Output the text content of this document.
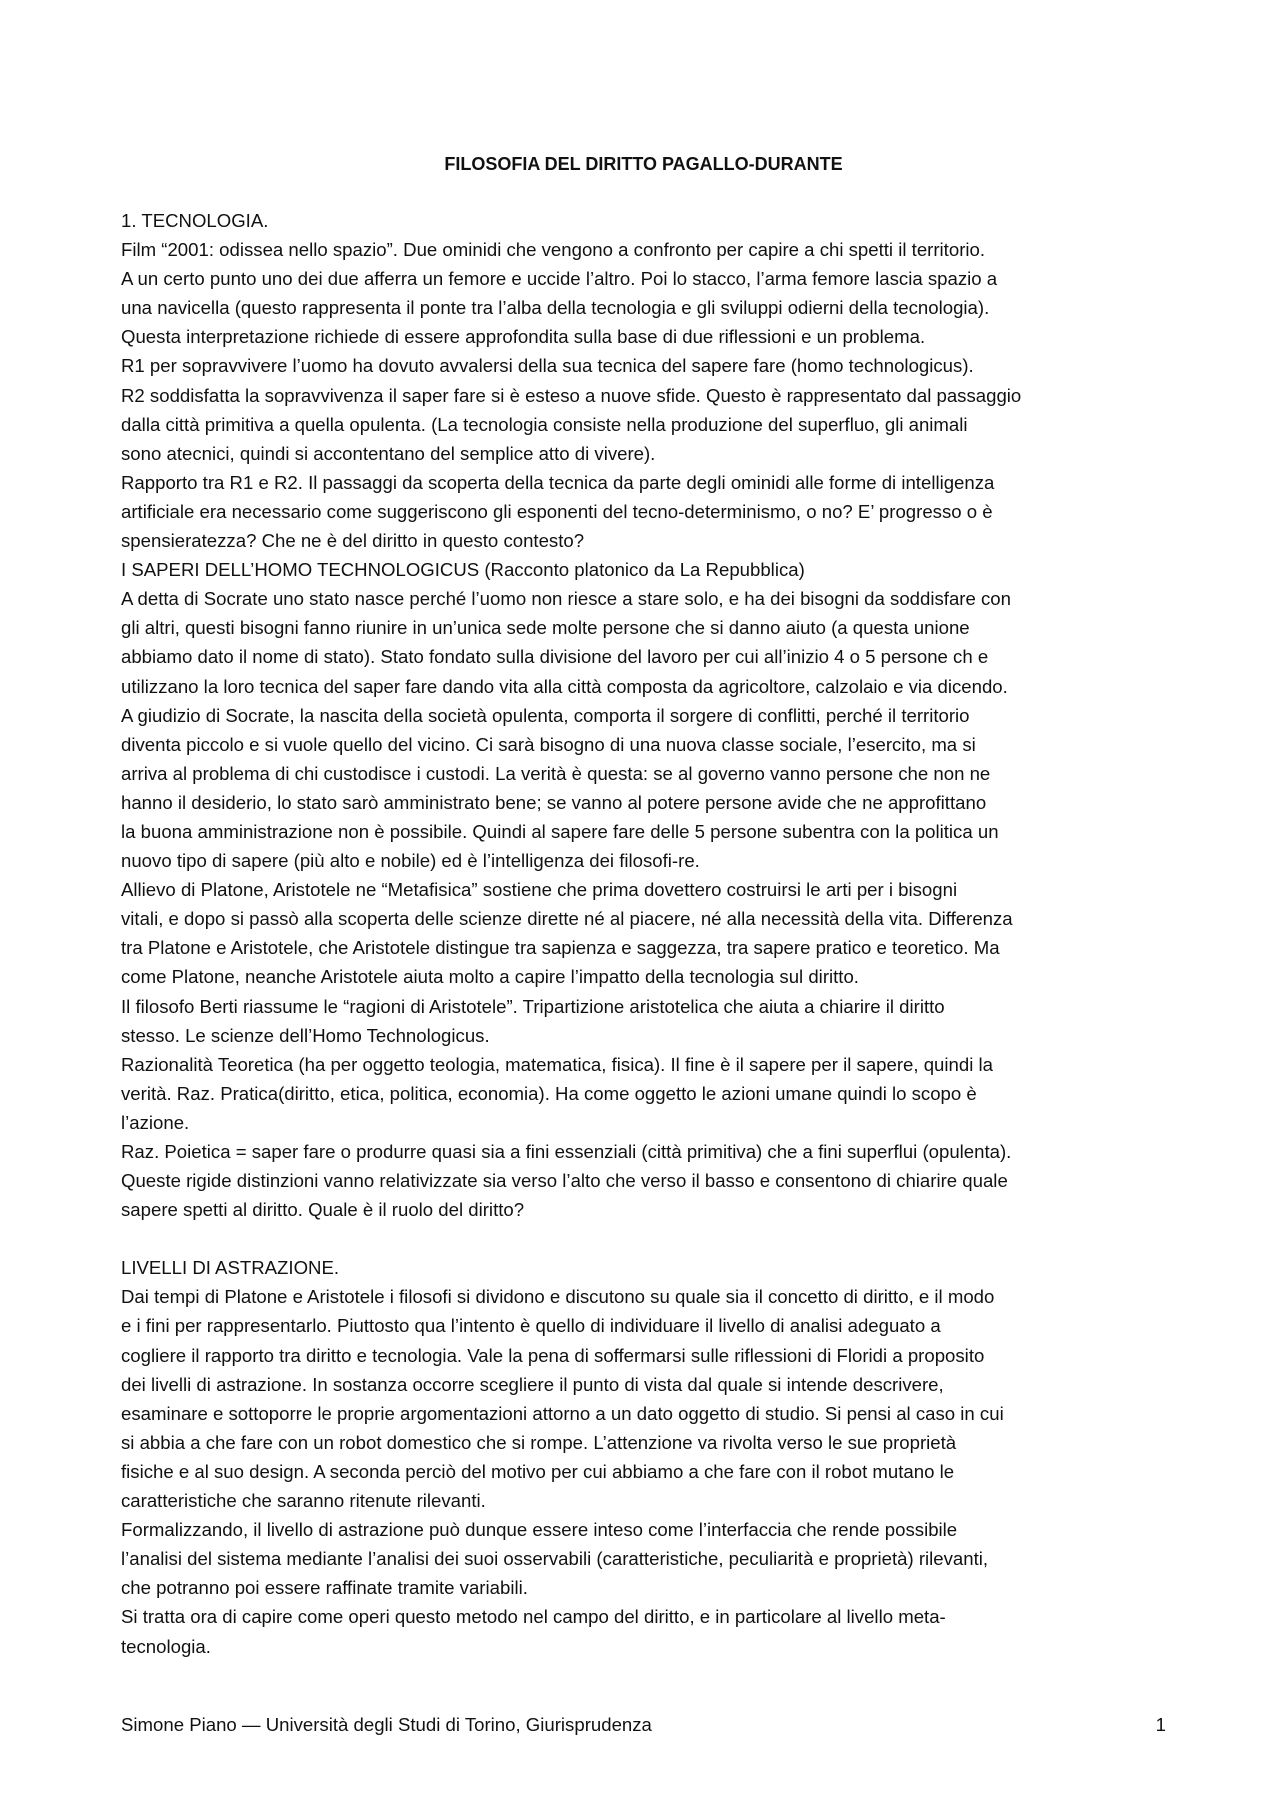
FILOSOFIA DEL DIRITTO PAGALLO-DURANTE

1. TECNOLOGIA.

Film “2001: odissea nello spazio”. Due ominidi che vengono a confronto per capire a chi spetti il territorio.
A un certo punto uno dei due afferra un femore e uccide l’altro. Poi lo stacco, l’arma femore lascia spazio a
una navicella (questo rappresenta il ponte tra l’alba della tecnologia e gli sviluppi odierni della tecnologia).
Questa interpretazione richiede di essere approfondita sulla base di due riflessioni e un problema.
R1 per sopravvivere l’uomo ha dovuto avvalersi della sua tecnica del sapere fare (homo technologicus).
R2 soddisfatta la sopravvivenza il saper fare si è esteso a nuove sfide. Questo è rappresentato dal passaggio
dalla città primitiva a quella opulenta. (La tecnologia consiste nella produzione del superfluo, gli animali
sono atecnici, quindi si accontentano del semplice atto di vivere).
Rapporto tra R1 e R2. Il passaggi da scoperta della tecnica da parte degli ominidi alle forme di intelligenza
artificiale era necessario come suggeriscono gli esponenti del tecno-determinismo, o no? E’ progresso o è
spensieratezza? Che ne è del diritto in questo contesto?
I SAPERI DELL’HOMO TECHNOLOGICUS (Racconto platonico da La Repubblica)
A detta di Socrate uno stato nasce perché l’uomo non riesce a stare solo, e ha dei bisogni da soddisfare con
gli altri, questi bisogni fanno riunire in un’unica sede molte persone che si danno aiuto (a questa unione
abbiamo dato il nome di stato). Stato fondato sulla divisione del lavoro per cui all’inizio 4 o 5 persone ch e
utilizzano la loro tecnica del saper fare dando vita alla città composta da agricoltore, calzolaio e via dicendo.
A giudizio di Socrate, la nascita della società opulenta, comporta il sorgere di conflitti, perché il territorio
diventa piccolo e si vuole quello del vicino. Ci sarà bisogno di una nuova classe sociale, l’esercito, ma si
arriva al problema di chi custodisce i custodi. La verità è questa: se al governo vanno persone che non ne
hanno il desiderio, lo stato sarò amministrato bene; se vanno al potere persone avide che ne approfittano
la buona amministrazione non è possibile. Quindi al sapere fare delle 5 persone subentra con la politica un
nuovo tipo di sapere (più alto e nobile) ed è l’intelligenza dei filosofi-re.
Allievo di Platone, Aristotele ne “Metafisica” sostiene che prima dovettero costruirsi le arti per i bisogni
vitali, e dopo si passò alla scoperta delle scienze dirette né al piacere, né alla necessità della vita. Differenza
tra Platone e Aristotele, che Aristotele distingue tra sapienza e saggezza, tra sapere pratico e teoretico. Ma
come Platone, neanche Aristotele aiuta molto a capire l’impatto della tecnologia sul diritto.
Il filosofo Berti riassume le “ragioni di Aristotele”. Tripartizione aristotelica che aiuta a chiarire il diritto
stesso. Le scienze dell’Homo Technologicus.
Razionalità Teoretica (ha per oggetto teologia, matematica, fisica). Il fine è il sapere per il sapere, quindi la
verità. Raz. Pratica(diritto, etica, politica, economia). Ha come oggetto le azioni umane quindi lo scopo è
l’azione.
Raz. Poietica = saper fare o produrre quasi sia a fini essenziali (città primitiva) che a fini superflui (opulenta).
Queste rigide distinzioni vanno relativizzate sia verso l’alto che verso il basso e consentono di chiarire quale
sapere spetti al diritto. Quale è il ruolo del diritto?

LIVELLI DI ASTRAZIONE.

Dai tempi di Platone e Aristotele i filosofi si dividono e discutono su quale sia il concetto di diritto, e il modo
e i fini per rappresentarlo. Piuttosto qua l’intento è quello di individuare il livello di analisi adeguato a
cogliere il rapporto tra diritto e tecnologia. Vale la pena di soffermarsi sulle riflessioni di Floridi a proposito
dei livelli di astrazione. In sostanza occorre scegliere il punto di vista dal quale si intende descrivere,
esaminare e sottoporre le proprie argomentazioni attorno a un dato oggetto di studio. Si pensi al caso in cui
si abbia a che fare con un robot domestico che si rompe. L’attenzione va rivolta verso le sue proprietà
fisiche e al suo design. A seconda perciò del motivo per cui abbiamo a che fare con il robot mutano le
caratteristiche che saranno ritenute rilevanti.
Formalizzando, il livello di astrazione può dunque essere inteso come l’interfaccia che rende possibile
l’analisi del sistema mediante l’analisi dei suoi osservabili (caratteristiche, peculiarità e proprietà) rilevanti,
che potranno poi essere raffinate tramite variabili.
Si tratta ora di capire come operi questo metodo nel campo del diritto, e in particolare al livello meta-
tecnologia.

Simone Piano — Università degli Studi di Torino, Giurisprudenza	1
